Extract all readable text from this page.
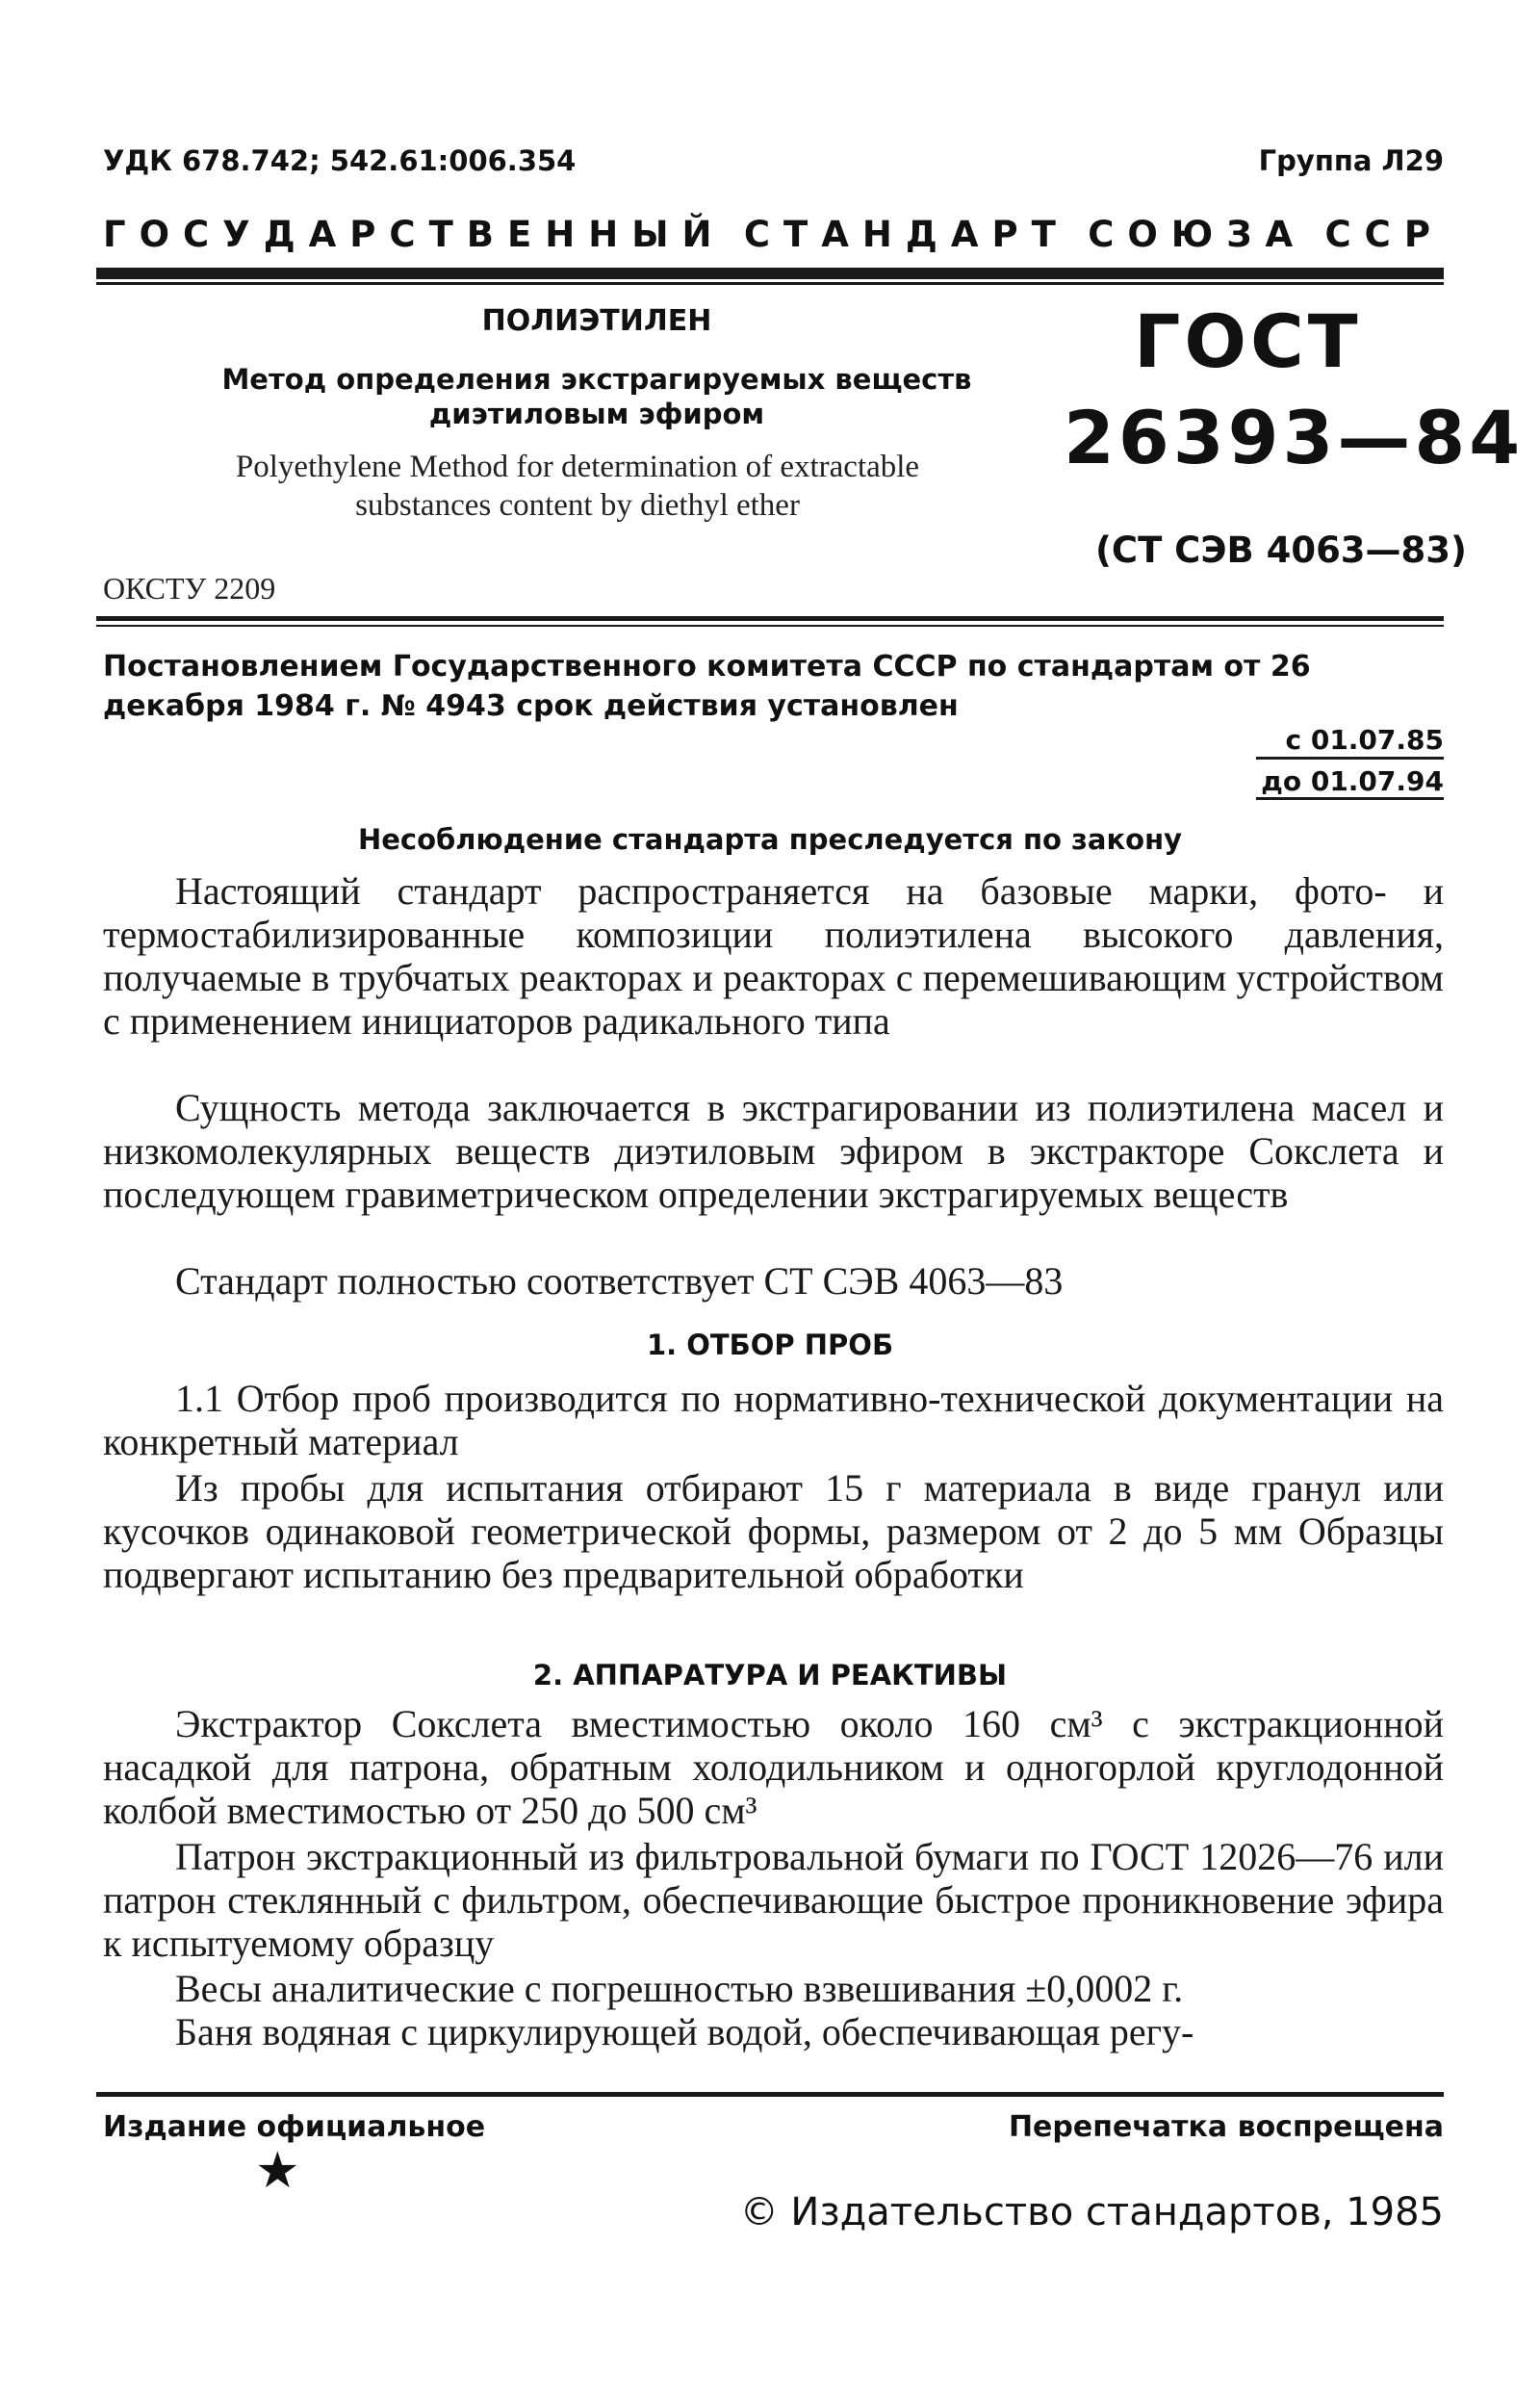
УДК 678.742; 542.61:006.354	Группа Л29
ГОСУДАРСТВЕННЫЙ СТАНДАРТ СОЮЗА ССР
ПОЛИЭТИЛЕН
Метод определения экстрагируемых веществ
диэтиловым эфиром
Polyethylene Method for determination of extractable
substances content by diethyl ether
ГОСТ
26393—84
(СТ СЭВ 4063—83)
ОКСТУ 2209
Постановлением Государственного комитета СССР по стандартам от 26 декабря 1984 г. № 4943 срок действия установлен
с 01.07.85
до 01.07.94
Несоблюдение стандарта преследуется по закону
Настоящий стандарт распространяется на базовые марки, фото- и термостабилизированные композиции полиэтилена высокого давления, получаемые в трубчатых реакторах и реакторах с перемешивающим устройством с применением инициаторов радикального типа
Сущность метода заключается в экстрагировании из полиэтилена масел и низкомолекулярных веществ диэтиловым эфиром в экстракторе Сокслета и последующем гравиметрическом определении экстрагируемых веществ
Стандарт полностью соответствует СТ СЭВ 4063—83
1. ОТБОР ПРОБ
1.1 Отбор проб производится по нормативно-технической документации на конкретный материал
Из пробы для испытания отбирают 15 г материала в виде гранул или кусочков одинаковой геометрической формы, размером от 2 до 5 мм Образцы подвергают испытанию без предварительной обработки
2. АППАРАТУРА И РЕАКТИВЫ
Экстрактор Сокслета вместимостью около 160 см³ с экстракционной насадкой для патрона, обратным холодильником и одногорлой круглодонной колбой вместимостью от 250 до 500 см³
Патрон экстракционный из фильтровальной бумаги по ГОСТ 12026—76 или патрон стеклянный с фильтром, обеспечивающие быстрое проникновение эфира к испытуемому образцу
Весы аналитические с погрешностью взвешивания ±0,0002 г.
Баня водяная с циркулирующей водой, обеспечивающая регу-
Издание официальное	Перепечатка воспрещена
★
© Издательство стандартов, 1985
